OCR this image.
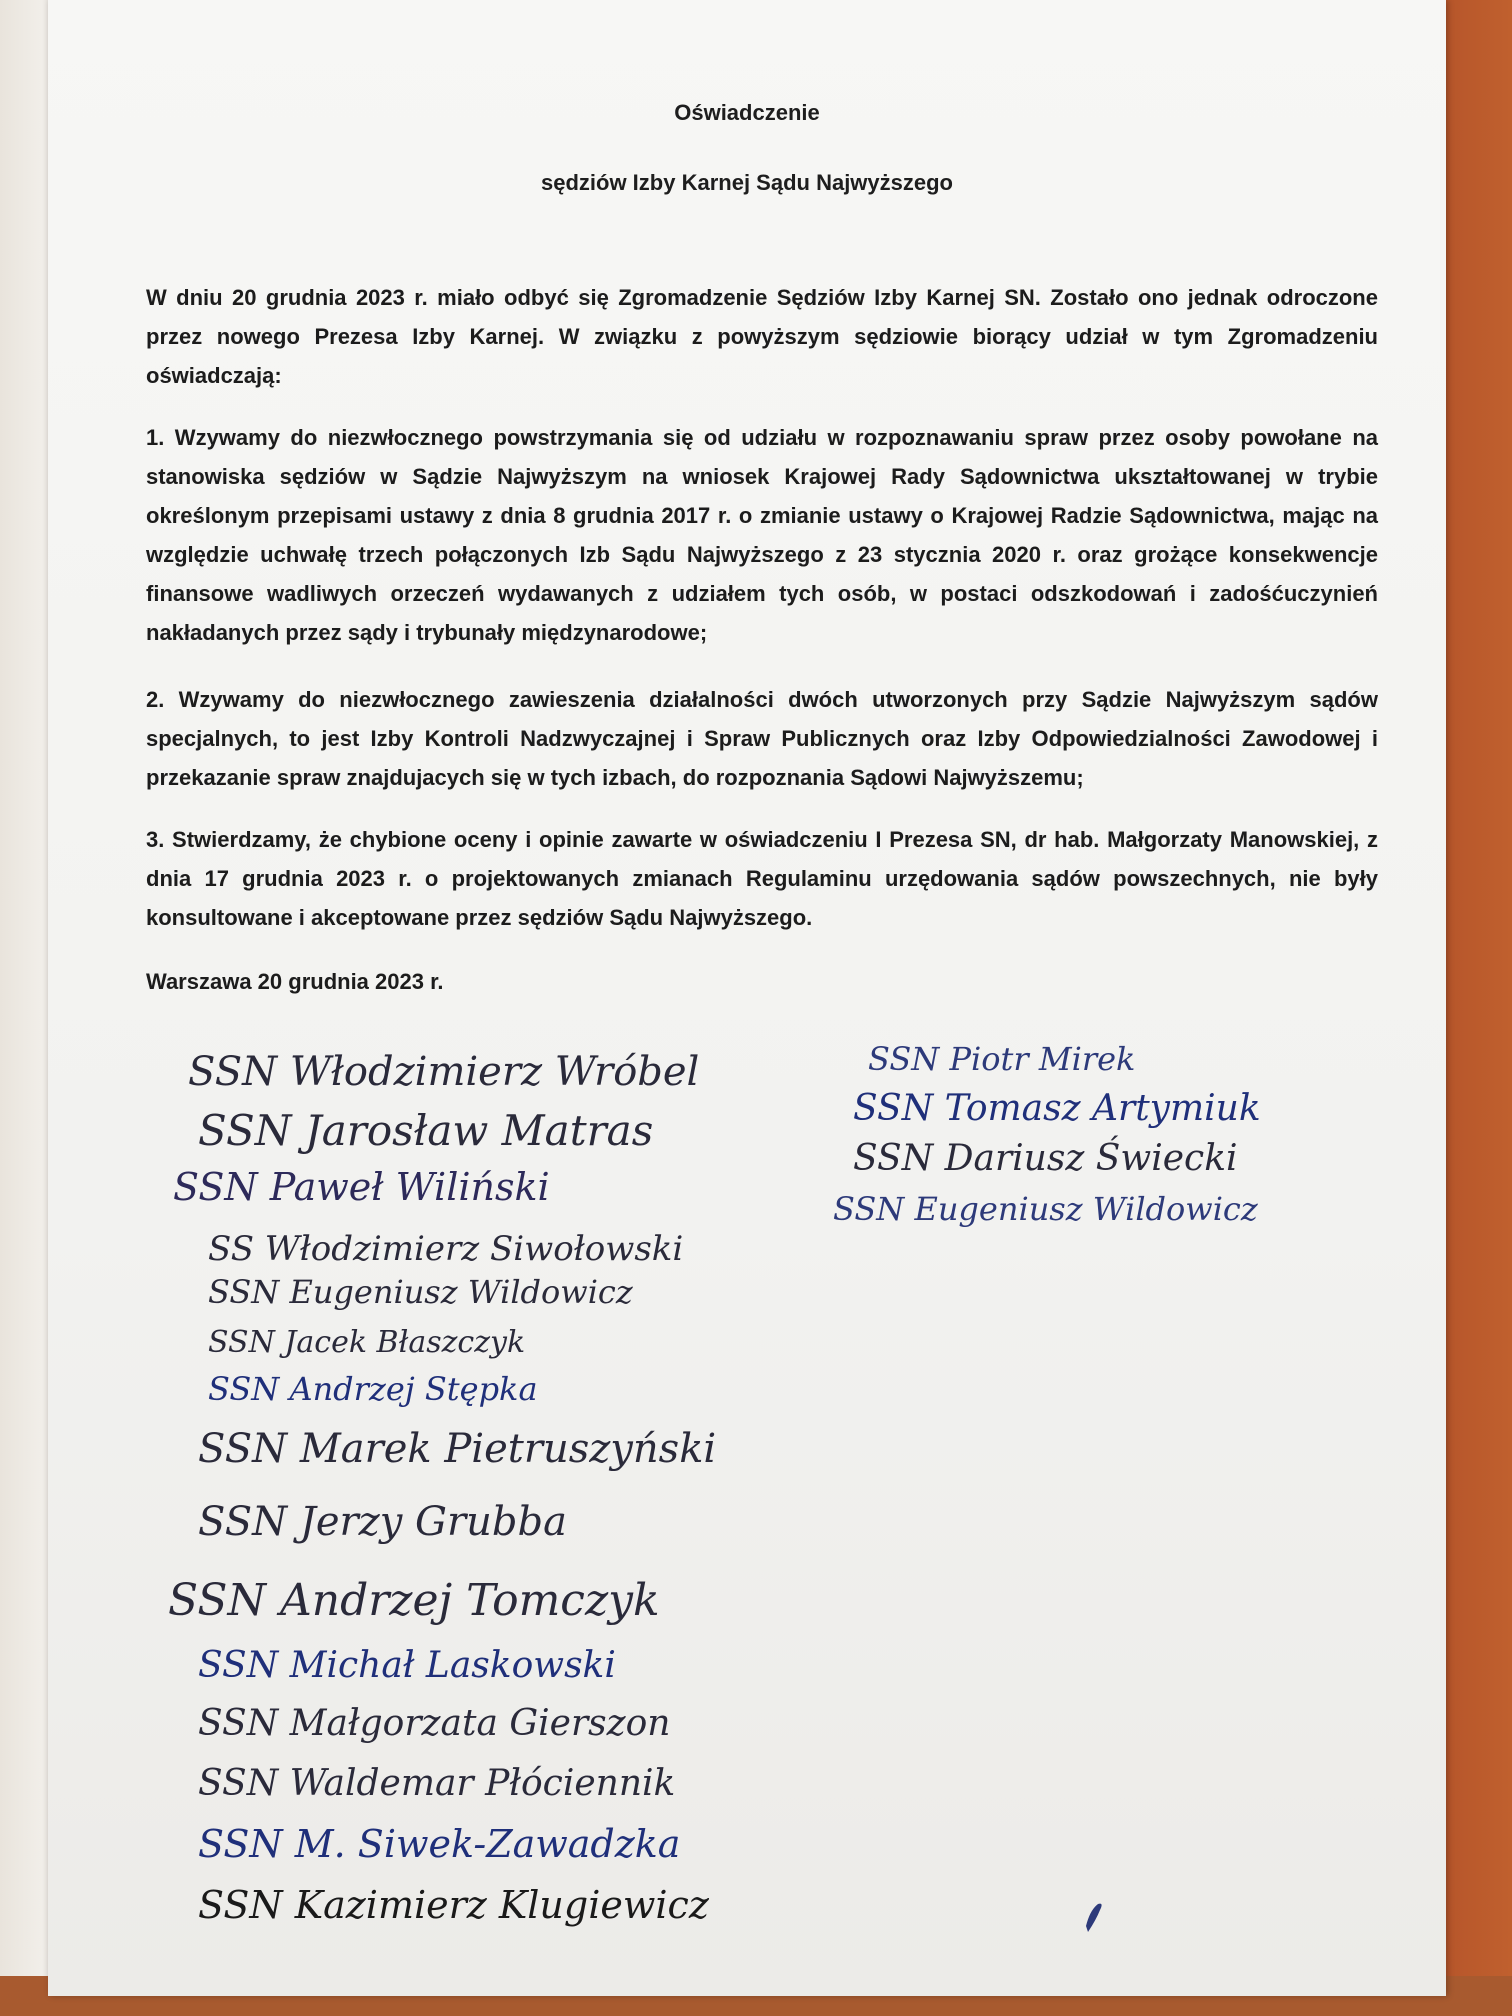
Oświadczenie
sędziów Izby Karnej Sądu Najwyższego
W dniu 20 grudnia 2023 r. miało odbyć się Zgromadzenie Sędziów Izby Karnej SN. Zostało ono jednak odroczone przez nowego Prezesa Izby Karnej. W związku z powyższym sędziowie biorący udział w tym Zgromadzeniu oświadczają:
1. Wzywamy do niezwłocznego powstrzymania się od udziału w rozpoznawaniu spraw przez osoby powołane na stanowiska sędziów w Sądzie Najwyższym na wniosek Krajowej Rady Sądownictwa ukształtowanej w trybie określonym przepisami ustawy z dnia 8 grudnia 2017 r. o zmianie ustawy o Krajowej Radzie Sądownictwa, mając na względzie uchwałę trzech połączonych Izb Sądu Najwyższego z 23 stycznia 2020 r. oraz grożące konsekwencje finansowe wadliwych orzeczeń wydawanych z udziałem tych osób, w postaci odszkodowań i zadośćuczynień nakładanych przez sądy i trybunały międzynarodowe;
2. Wzywamy do niezwłocznego zawieszenia działalności dwóch utworzonych przy Sądzie Najwyższym sądów specjalnych, to jest Izby Kontroli Nadzwyczajnej i Spraw Publicznych oraz Izby Odpowiedzialności Zawodowej i przekazanie spraw znajdujacych się w tych izbach, do rozpoznania Sądowi Najwyższemu;
3. Stwierdzamy, że chybione oceny i opinie zawarte w oświadczeniu I Prezesa SN, dr hab. Małgorzaty Manowskiej, z dnia 17 grudnia 2023 r. o projektowanych zmianach Regulaminu urzędowania sądów powszechnych, nie były konsultowane i akceptowane przez sędziów Sądu Najwyższego.
Warszawa 20 grudnia 2023 r.
SSN Włodzimierz Wróbel
SSN Jarosław Matras
SSN Paweł Wiliński
SS Włodzimierz Siwołowski
SSN Eugeniusz Wildowicz
SSN Jacek Błaszczyk
SSN Andrzej Stępka
SSN Marek Pietruszyński
SSN Jerzy Grubba
SSN Andrzej Tomczyk
SSN Michał Laskowski
SSN Małgorzata Gierszon
SSN Waldemar Płóciennik
SSN M. Siwek-Zawadzka
SSN Kazimierz Klugiewicz
SSN Piotr Mirek
SSN Tomasz Artymiuk
SSN Dariusz Świecki
SSN Eugeniusz Wildowicz
